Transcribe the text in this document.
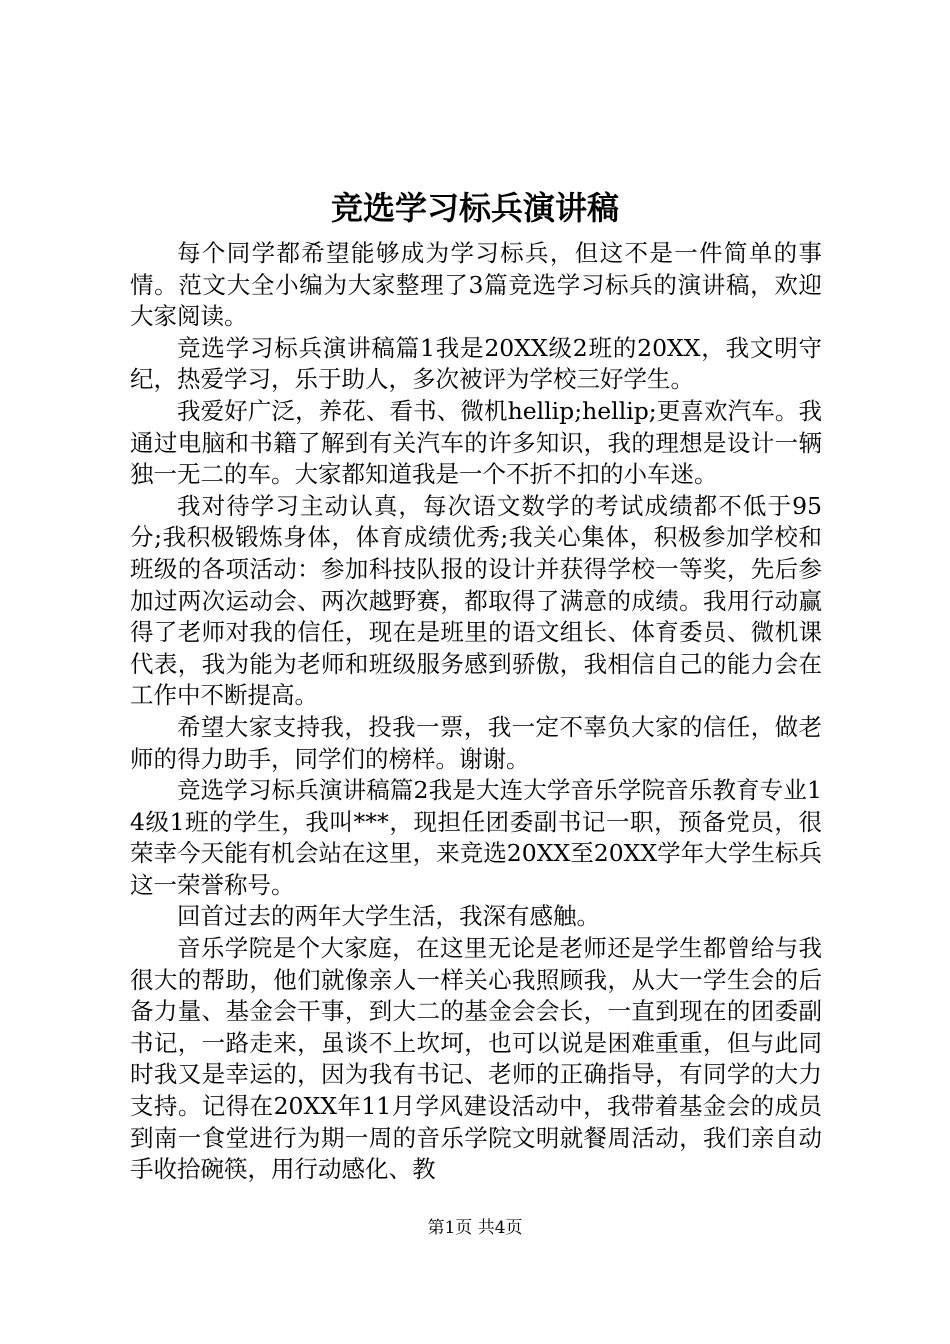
竞选学习标兵演讲稿

每个同学都希望能够成为学习标兵，但这不是一件简单的事情。范文大全小编为大家整理了3篇竞选学习标兵的演讲稿，欢迎大家阅读。

竞选学习标兵演讲稿篇1我是20XX级2班的20XX，我文明守纪，热爱学习，乐于助人，多次被评为学校三好学生。

我爱好广泛，养花、看书、微机hellip;hellip;更喜欢汽车。我通过电脑和书籍了解到有关汽车的许多知识，我的理想是设计一辆独一无二的车。大家都知道我是一个不折不扣的小车迷。

我对待学习主动认真，每次语文数学的考试成绩都不低于95分;我积极锻炼身体，体育成绩优秀;我关心集体，积极参加学校和班级的各项活动：参加科技队报的设计并获得学校一等奖，先后参加过两次运动会、两次越野赛，都取得了满意的成绩。我用行动赢得了老师对我的信任，现在是班里的语文组长、体育委员、微机课代表，我为能为老师和班级服务感到骄傲，我相信自己的能力会在工作中不断提高。

希望大家支持我，投我一票，我一定不辜负大家的信任，做老师的得力助手，同学们的榜样。谢谢。

竞选学习标兵演讲稿篇2我是大连大学音乐学院音乐教育专业14级1班的学生，我叫***，现担任团委副书记一职，预备党员，很荣幸今天能有机会站在这里，来竞选20XX至20XX学年大学生标兵这一荣誉称号。

回首过去的两年大学生活，我深有感触。

音乐学院是个大家庭，在这里无论是老师还是学生都曾给与我很大的帮助，他们就像亲人一样关心我照顾我，从大一学生会的后备力量、基金会干事，到大二的基金会会长，一直到现在的团委副书记，一路走来，虽谈不上坎坷，也可以说是困难重重，但与此同时我又是幸运的，因为我有书记、老师的正确指导，有同学的大力支持。记得在20XX年11月学风建设活动中，我带着基金会的成员到南一食堂进行为期一周的音乐学院文明就餐周活动，我们亲自动手收拾碗筷，用行动感化、教

第1页 共4页
